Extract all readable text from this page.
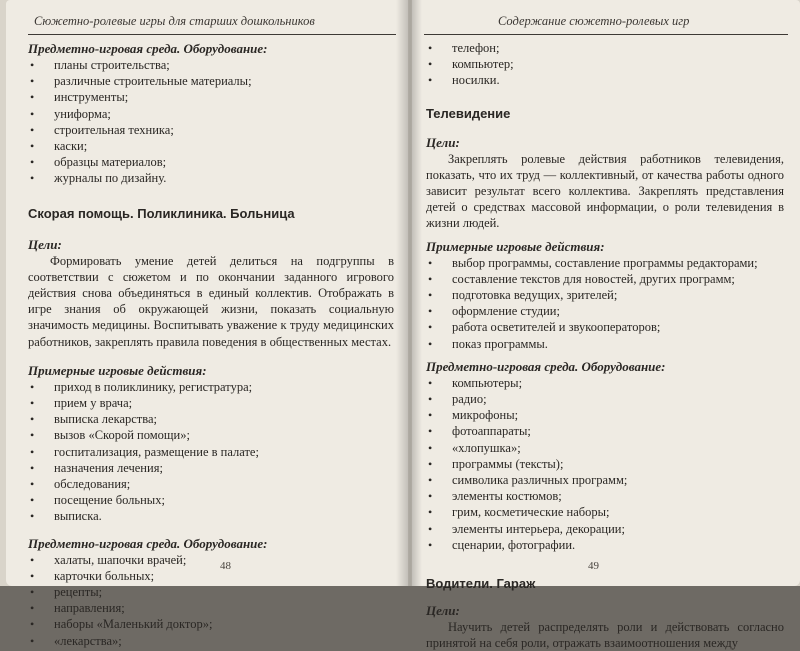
Сюжетно-ролевые игры для старших дошкольников

Предметно-игровая среда. Оборудование:

• планы строительства;
• различные строительные материалы;
• инструменты;
• униформа;
• строительная техника;
• каски;
• образцы материалов;
• журналы по дизайну.

Скорая помощь. Поликлиника. Больница

Цели:

Формировать умение детей делиться на подгруппы в соответствии с сюжетом и по окончании заданного игрового действия снова объединяться в единый коллектив. Отображать в игре знания об окружающей жизни, показать социальную значимость медицины. Воспитывать уважение к труду медицинских работников, закреплять правила поведения в общественных местах.

Примерные игровые действия:

• приход в поликлинику, регистратура;
• прием у врача;
• выписка лекарства;
• вызов «Скорой помощи»;
• госпитализация, размещение в палате;
• назначения лечения;
• обследования;
• посещение больных;
• выписка.

Предметно-игровая среда. Оборудование:

• халаты, шапочки врачей;
• карточки больных;
• рецепты;
• направления;
• наборы «Маленький доктор»;
• «лекарства»;
48
Содержание сюжетно-ролевых игр
• телефон;
• компьютер;
• носилки.

Телевидение

Цели:

Закреплять ролевые действия работников телевидения, показать, что их труд — коллективный, от качества работы одного зависит результат всего коллектива. Закреплять представления детей о средствах массовой информации, о роли телевидения в жизни людей.

Примерные игровые действия:

• выбор программы, составление программы редакторами;
• составление текстов для новостей, других программ;
• подготовка ведущих, зрителей;
• оформление студии;
• работа осветителей и звукооператоров;
• показ программы.

Предметно-игровая среда. Оборудование:

• компьютеры;
• радио;
• микрофоны;
• фотоаппараты;
• «хлопушка»;
• программы (тексты);
• символика различных программ;
• элементы костюмов;
• грим, косметические наборы;
• элементы интерьера, декорации;
• сценарии, фотографии.

Водители. Гараж

Цели:

Научить детей распределять роли и действовать согласно принятой на себя роли, отражать взаимоотношения между

49
